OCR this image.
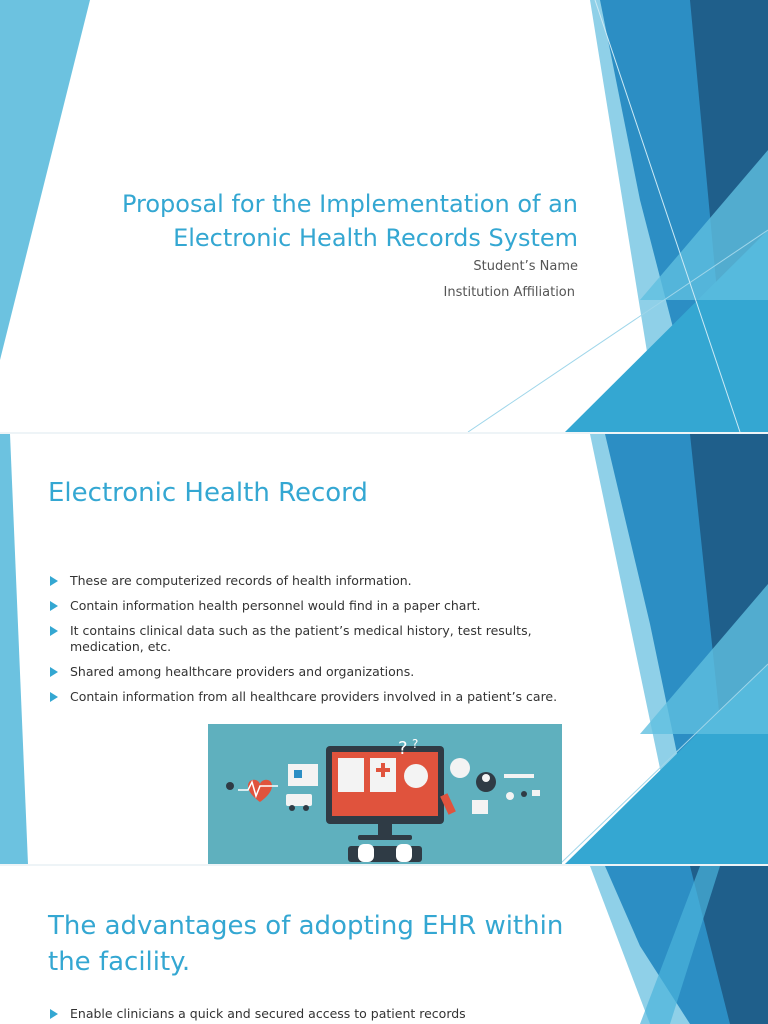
Proposal for the Implementation of an Electronic Health Records System
Student’s Name
Institution Affiliation
Electronic Health Record
These are computerized records of health information.
Contain information health personnel would find in a paper chart.
It contains clinical data such as the patient’s medical history, test results, medication, etc.
Shared among healthcare providers and organizations.
Contain information from all healthcare providers involved in a patient’s care.
? ?
The advantages of adopting EHR within the facility.
Enable clinicians a quick and secured access to patient records
